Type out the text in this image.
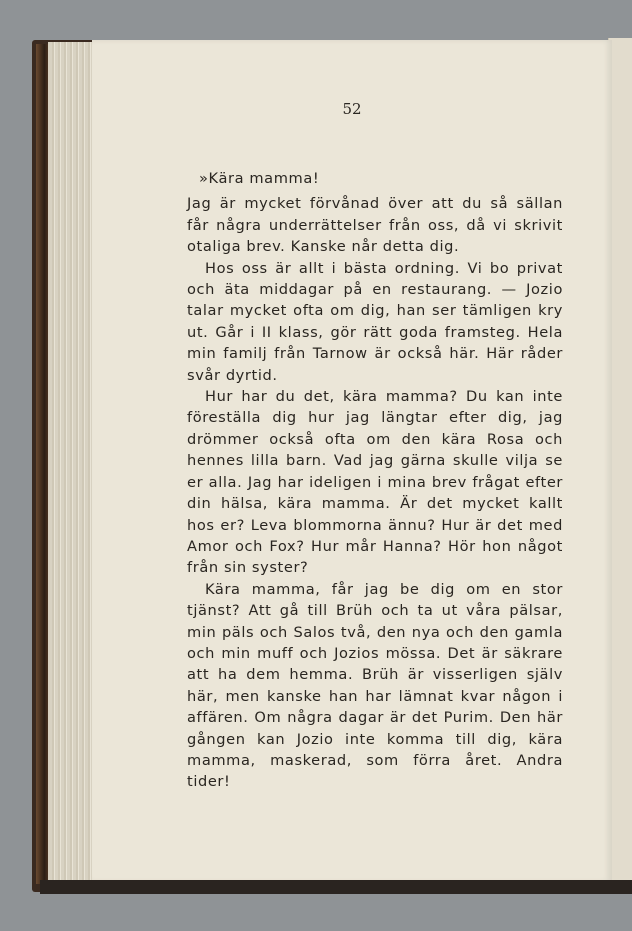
52

»Kära mamma!

Jag är mycket förvånad över att du så sällan får några underrättelser från oss, då vi skrivit otaliga brev. Kanske når detta dig.

Hos oss är allt i bästa ordning. Vi bo privat och äta middagar på en restaurang. — Jozio talar mycket ofta om dig, han ser tämligen kry ut. Går i II klass, gör rätt goda framsteg. Hela min familj från Tarnow är också här. Här råder svår dyrtid.

Hur har du det, kära mamma? Du kan inte föreställa dig hur jag längtar efter dig, jag drömmer också ofta om den kära Rosa och hennes lilla barn. Vad jag gärna skulle vilja se er alla. Jag har ideligen i mina brev frågat efter din hälsa, kära mamma. Är det mycket kallt hos er? Leva blommorna ännu? Hur är det med Amor och Fox? Hur mår Hanna? Hör hon något från sin syster?

Kära mamma, får jag be dig om en stor tjänst? Att gå till Brüh och ta ut våra pälsar, min päls och Salos två, den nya och den gamla och min muff och Jozios mössa. Det är säkrare att ha dem hemma. Brüh är visserligen själv här, men kanske han har lämnat kvar någon i affären. Om några dagar är det Purim. Den här gången kan Jozio inte komma till dig, kära mamma, maskerad, som förra året. Andra tider!
